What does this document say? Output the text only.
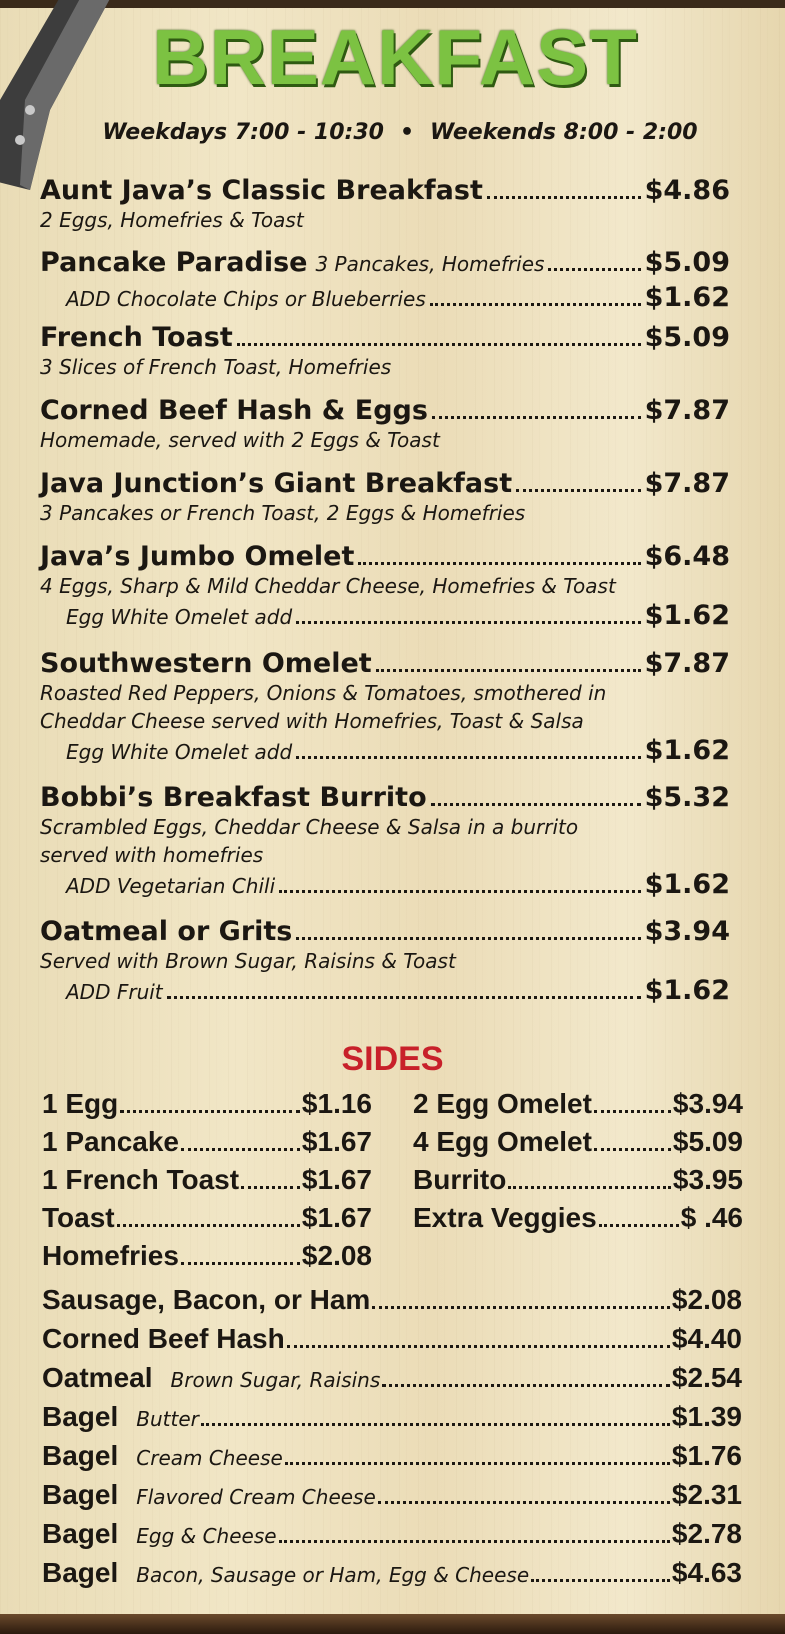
BREAKFAST
Weekdays 7:00 - 10:30 • Weekends 8:00 - 2:00
Aunt Java’s Classic Breakfast	$4.86
2 Eggs, Homefries & Toast
Pancake Paradise 3 Pancakes, Homefries	$5.09
ADD Chocolate Chips or Blueberries	$1.62
French Toast	$5.09
3 Slices of French Toast, Homefries
Corned Beef Hash & Eggs	$7.87
Homemade, served with 2 Eggs & Toast
Java Junction’s Giant Breakfast	$7.87
3 Pancakes or French Toast, 2 Eggs & Homefries
Java’s Jumbo Omelet	$6.48
4 Eggs, Sharp & Mild Cheddar Cheese, Homefries & Toast
Egg White Omelet add	$1.62
Southwestern Omelet	$7.87
Roasted Red Peppers, Onions & Tomatoes, smothered in
Cheddar Cheese served with Homefries, Toast & Salsa
Egg White Omelet add	$1.62
Bobbi’s Breakfast Burrito	$5.32
Scrambled Eggs, Cheddar Cheese & Salsa in a burrito
served with homefries
ADD Vegetarian Chili	$1.62
Oatmeal or Grits	$3.94
Served with Brown Sugar, Raisins & Toast
ADD Fruit	$1.62
SIDES
1 Egg	$1.16
1 Pancake	$1.67
1 French Toast $1.67
Toast	$1.67
Homefries	$2.08
2 Egg Omelet	$3.94
4 Egg Omelet	$5.09
Burrito	$3.95
Extra Veggies	$ .46
Sausage, Bacon, or Ham	$2.08
Corned Beef Hash	$4.40
Oatmeal Brown Sugar, Raisins	$2.54
Bagel Butter	$1.39
Bagel Cream Cheese	$1.76
Bagel Flavored Cream Cheese	$2.31
Bagel Egg & Cheese	$2.78
Bagel Bacon, Sausage or Ham, Egg & Cheese	$4.63
